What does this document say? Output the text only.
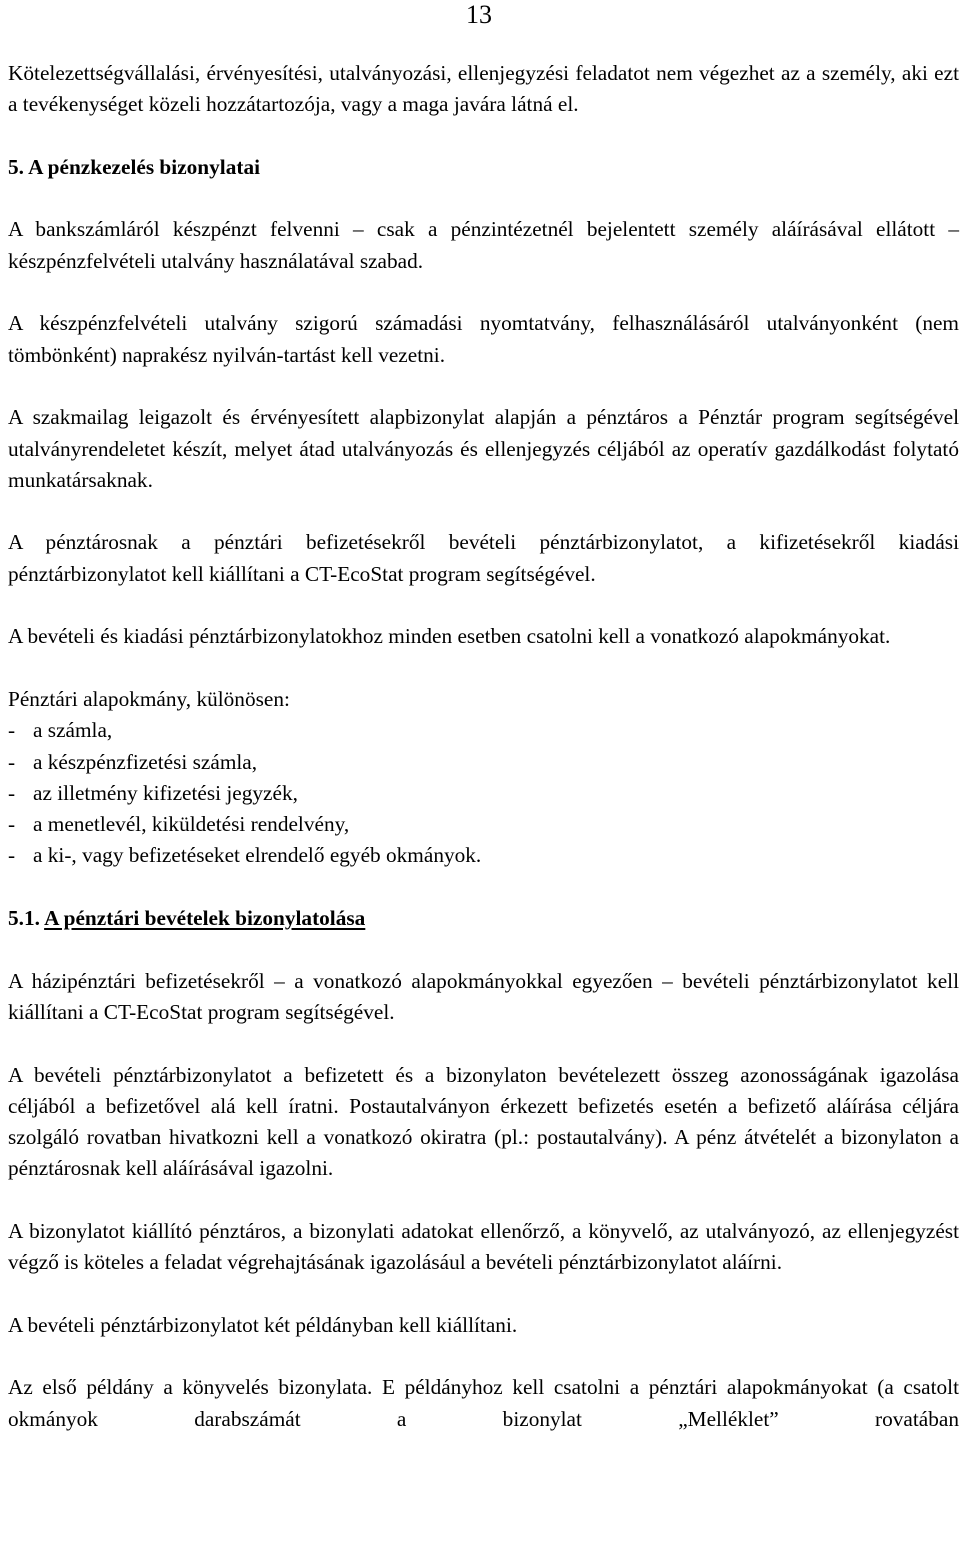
13

Kötelezettségvállalási, érvényesítési, utalványozási, ellenjegyzési feladatot nem végezhet az a személy, aki ezt a tevékenységet közeli hozzátartozója, vagy a maga javára látná el.

5. A pénzkezelés bizonylatai

A bankszámláról készpénzt felvenni – csak a pénzintézetnél bejelentett személy aláírásával ellátott – készpénzfelvételi utalvány használatával szabad.

A készpénzfelvételi utalvány szigorú számadási nyomtatvány, felhasználásáról utalványonként (nem tömbönként) naprakész nyilván-tartást kell vezetni.

A szakmailag leigazolt és érvényesített alapbizonylat alapján a pénztáros a Pénztár program segítségével utalványrendeletet készít, melyet átad utalványozás és ellenjegyzés céljából az operatív gazdálkodást folytató munkatársaknak.

A pénztárosnak a pénztári befizetésekről bevételi pénztárbizonylatot, a kifizetésekről kiadási pénztárbizonylatot kell kiállítani a CT-EcoStat program segítségével.

A bevételi és kiadási pénztárbizonylatokhoz minden esetben csatolni kell a vonatkozó alapokmányokat.

Pénztári alapokmány, különösen:
- a számla,
- a készpénzfizetési számla,
- az illetmény kifizetési jegyzék,
- a menetlevél, kiküldetési rendelvény,
- a ki-, vagy befizetéseket elrendelő egyéb okmányok.

5.1. A pénztári bevételek bizonylatolása

A házipénztári befizetésekről – a vonatkozó alapokmányokkal egyezően – bevételi pénztárbizonylatot kell kiállítani a CT-EcoStat program segítségével.

A bevételi pénztárbizonylatot a befizetett és a bizonylaton bevételezett összeg azonosságának igazolása céljából a befizetővel alá kell íratni. Postautalványon érkezett befizetés esetén a befizető aláírása céljára szolgáló rovatban hivatkozni kell a vonatkozó okiratra (pl.: postautalvány). A pénz átvételét a bizonylaton a pénztárosnak kell aláírásával igazolni.

A bizonylatot kiállító pénztáros, a bizonylati adatokat ellenőrző, a könyvelő, az utalványozó, az ellenjegyzést végző is köteles a feladat végrehajtásának igazolásául a bevételi pénztárbizonylatot aláírni.

A bevételi pénztárbizonylatot két példányban kell kiállítani.

Az első példány a könyvelés bizonylata. E példányhoz kell csatolni a pénztári alapokmányokat (a csatolt okmányok darabszámát a bizonylat „Melléklet” rovatában
